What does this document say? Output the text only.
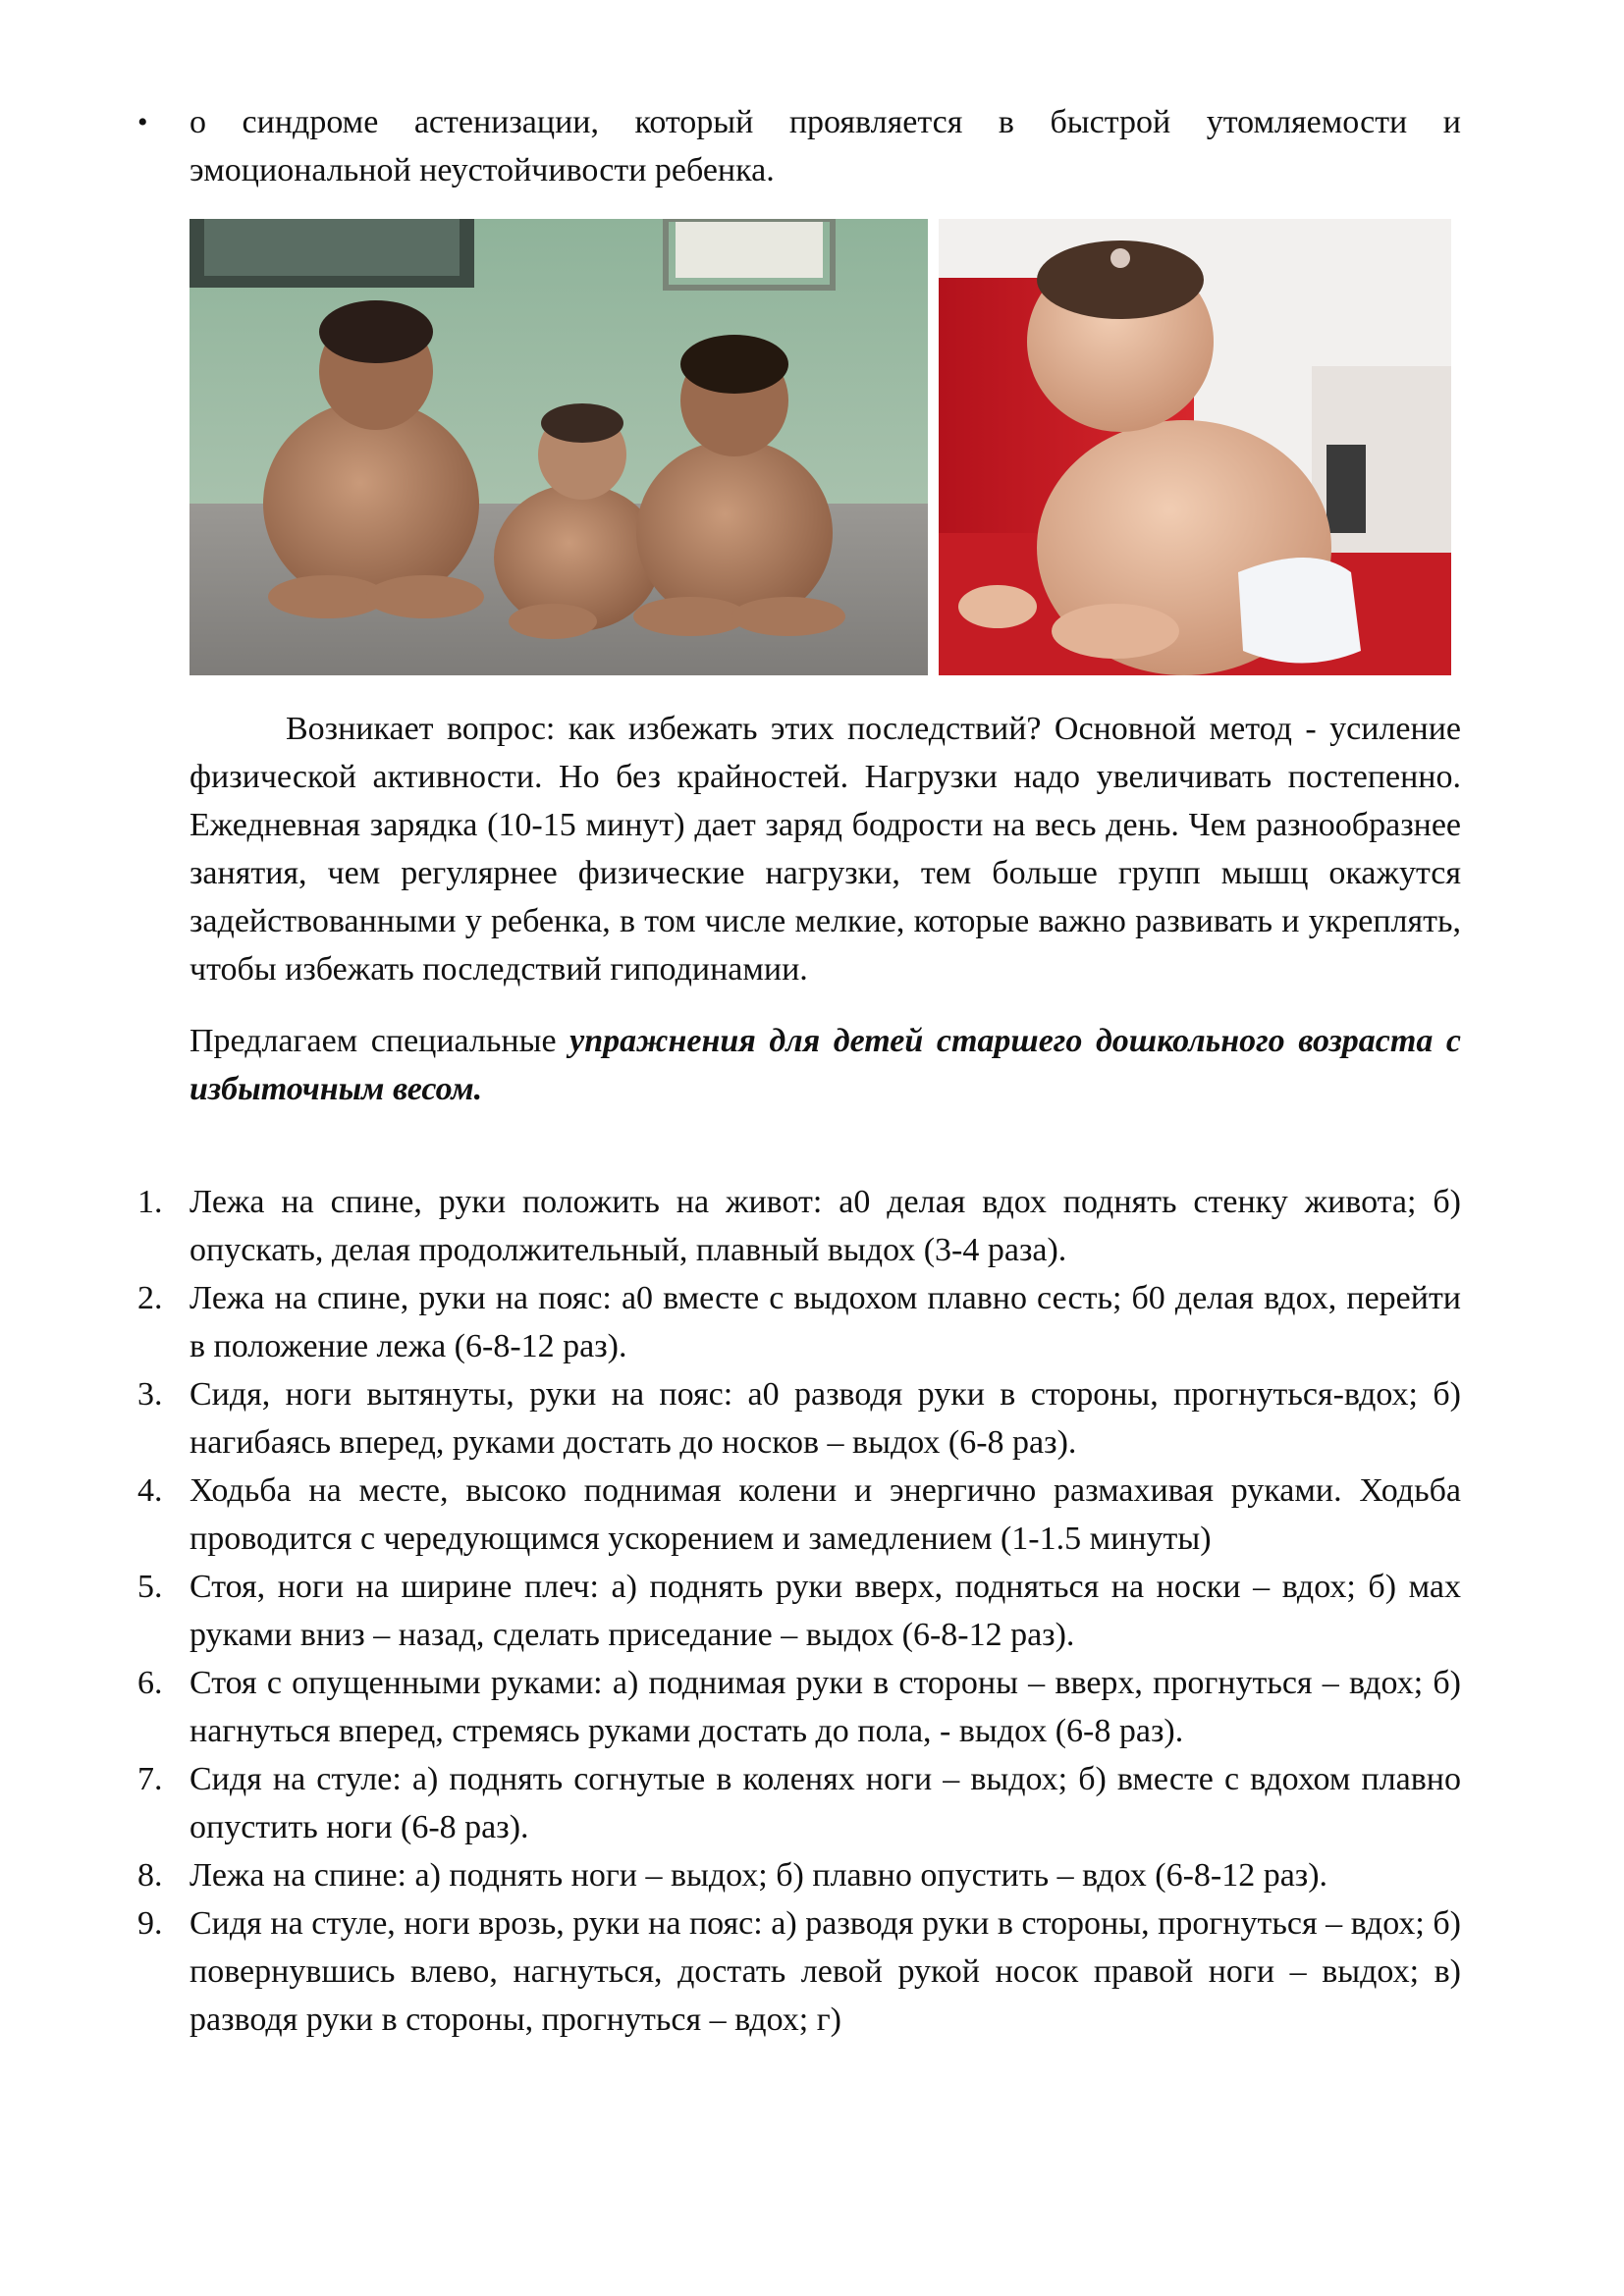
•	о синдроме астенизации, который проявляется в быстрой утомляемости и эмоциональной неустойчивости ребенка.
Возникает вопрос: как избежать этих последствий? Основной метод - усиление физической активности. Но без крайностей. Нагрузки надо увеличивать постепенно. Ежедневная зарядка (10-15 минут) дает заряд бодрости на весь день. Чем разнообразнее занятия, чем регулярнее физические нагрузки, тем больше групп мышц окажутся задействованными у ребенка, в том числе мелкие, которые важно развивать и укреплять, чтобы избежать последствий гиподинамии.
Предлагаем специальные упражнения для детей старшего дошкольного возраста с избыточным весом.
1. Лежа на спине, руки положить на живот: а0 делая вдох поднять стенку живота; б) опускать, делая продолжительный, плавный выдох (3-4 раза).
2. Лежа на спине, руки на пояс: а0 вместе с выдохом плавно сесть; б0 делая вдох, перейти в положение лежа (6-8-12 раз).
3. Сидя, ноги вытянуты, руки на пояс: а0 разводя руки в стороны, прогнуться-вдох; б) нагибаясь вперед, руками достать до носков – выдох (6-8 раз).
4. Ходьба на месте, высоко поднимая колени и энергично размахивая руками. Ходьба проводится с чередующимся ускорением и замедлением (1-1.5 минуты)
5. Стоя, ноги на ширине плеч: а) поднять руки вверх, подняться на носки – вдох; б) мах руками вниз – назад, сделать приседание – выдох (6-8-12 раз).
6. Стоя с опущенными руками: а) поднимая руки в стороны – вверх, прогнуться – вдох; б) нагнуться вперед, стремясь руками достать до пола, - выдох (6-8 раз).
7. Сидя на стуле: а) поднять согнутые в коленях ноги – выдох; б) вместе с вдохом плавно опустить ноги (6-8 раз).
8. Лежа на спине: а) поднять ноги – выдох; б) плавно опустить – вдох (6-8-12 раз).
9. Сидя на стуле, ноги врозь, руки на пояс: а) разводя руки в стороны, прогнуться – вдох; б) повернувшись влево, нагнуться, достать левой рукой носок правой ноги – выдох; в) разводя руки в стороны, прогнуться – вдох; г)
